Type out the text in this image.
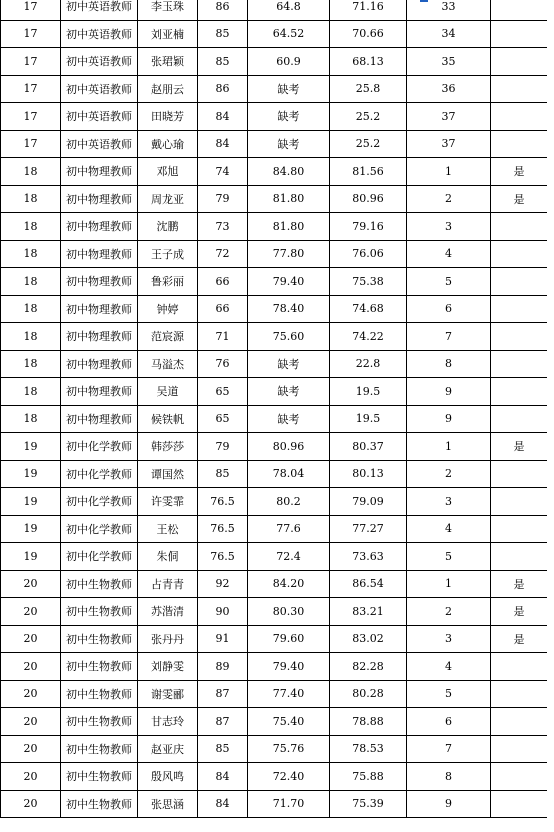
17	初中英语教师	李玉珠	86	64.8	71.16	33	
17	初中英语教师	刘亚楠	85	64.52	70.66	34	
17	初中英语教师	张珺颖	85	60.9	68.13	35	
17	初中英语教师	赵朋云	86	缺考	25.8	36	
17	初中英语教师	田晓芳	84	缺考	25.2	37	
17	初中英语教师	戴心瑜	84	缺考	25.2	37	
18	初中物理教师	邓旭	74	84.80	81.56	1	是
18	初中物理教师	周龙亚	79	81.80	80.96	2	是
18	初中物理教师	沈鹏	73	81.80	79.16	3	
18	初中物理教师	王子成	72	77.80	76.06	4	
18	初中物理教师	鲁彩丽	66	79.40	75.38	5	
18	初中物理教师	钟婷	66	78.40	74.68	6	
18	初中物理教师	范宸源	71	75.60	74.22	7	
18	初中物理教师	马溢杰	76	缺考	22.8	8	
18	初中物理教师	吴道	65	缺考	19.5	9	
18	初中物理教师	候铁帆	65	缺考	19.5	9	
19	初中化学教师	韩莎莎	79	80.96	80.37	1	是
19	初中化学教师	谭国然	85	78.04	80.13	2	
19	初中化学教师	许雯霏	76.5	80.2	79.09	3	
19	初中化学教师	王松	76.5	77.6	77.27	4	
19	初中化学教师	朱侗	76.5	72.4	73.63	5	
20	初中生物教师	占青青	92	84.20	86.54	1	是
20	初中生物教师	苏湝清	90	80.30	83.21	2	是
20	初中生物教师	张丹丹	91	79.60	83.02	3	是
20	初中生物教师	刘静雯	89	79.40	82.28	4	
20	初中生物教师	谢雯郦	87	77.40	80.28	5	
20	初中生物教师	甘志玲	87	75.40	78.88	6	
20	初中生物教师	赵亚庆	85	75.76	78.53	7	
20	初中生物教师	殷风鸣	84	72.40	75.88	8	
20	初中生物教师	张思涵	84	71.70	75.39	9	
